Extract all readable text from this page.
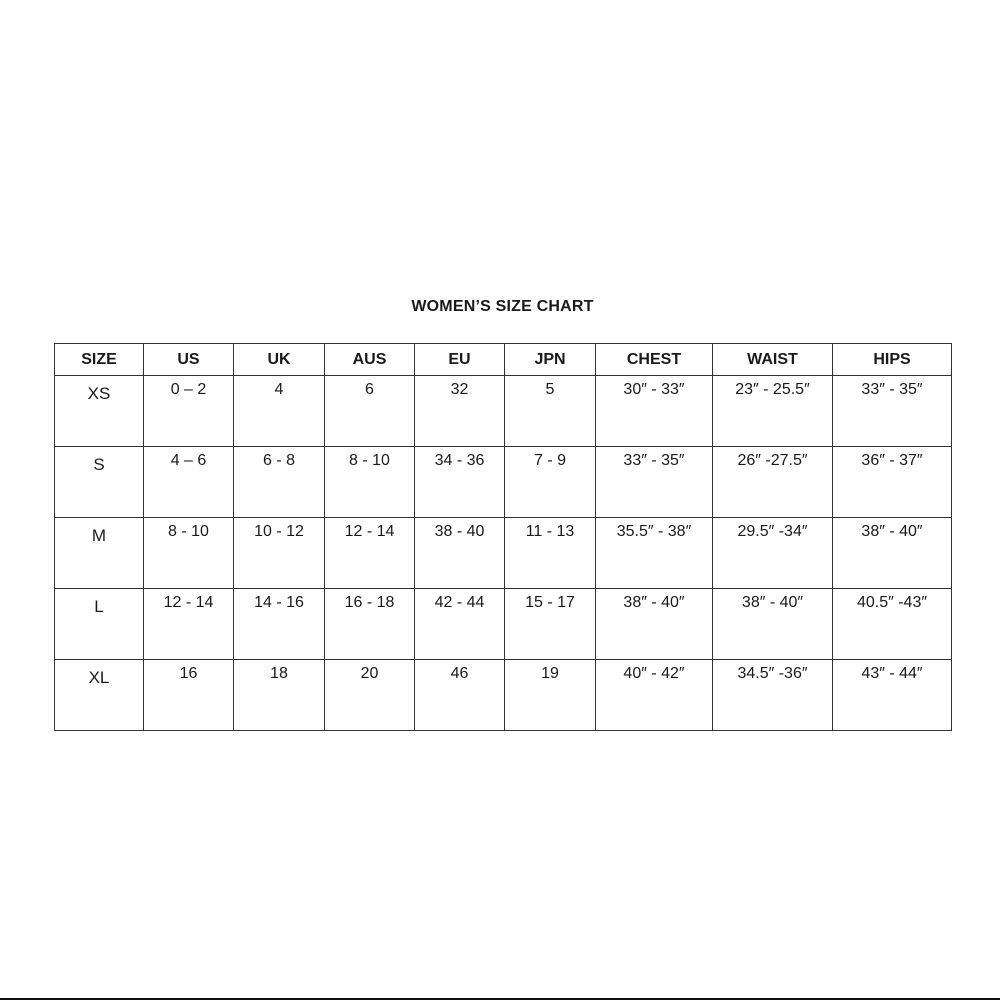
WOMEN’S SIZE CHART
SIZE	US	UK	AUS	EU	JPN	CHEST	WAIST	HIPS
XS	0 – 2	4	6	32	5	30″ - 33″	23″ - 25.5″	33″ - 35″
S	4 – 6	6 - 8	8 - 10	34 - 36	7 - 9	33″ - 35″	26″ -27.5″	36″ - 37″
M	8 - 10	10 - 12	12 - 14	38 - 40	11 - 13	35.5″ - 38″	29.5″ -34″	38″ - 40″
L	12 - 14	14 - 16	16 - 18	42 - 44	15 - 17	38″ - 40″	38″ - 40″	40.5″ -43″
XL	16	18	20	46	19	40″ - 42″	34.5″ -36″	43″ - 44″
